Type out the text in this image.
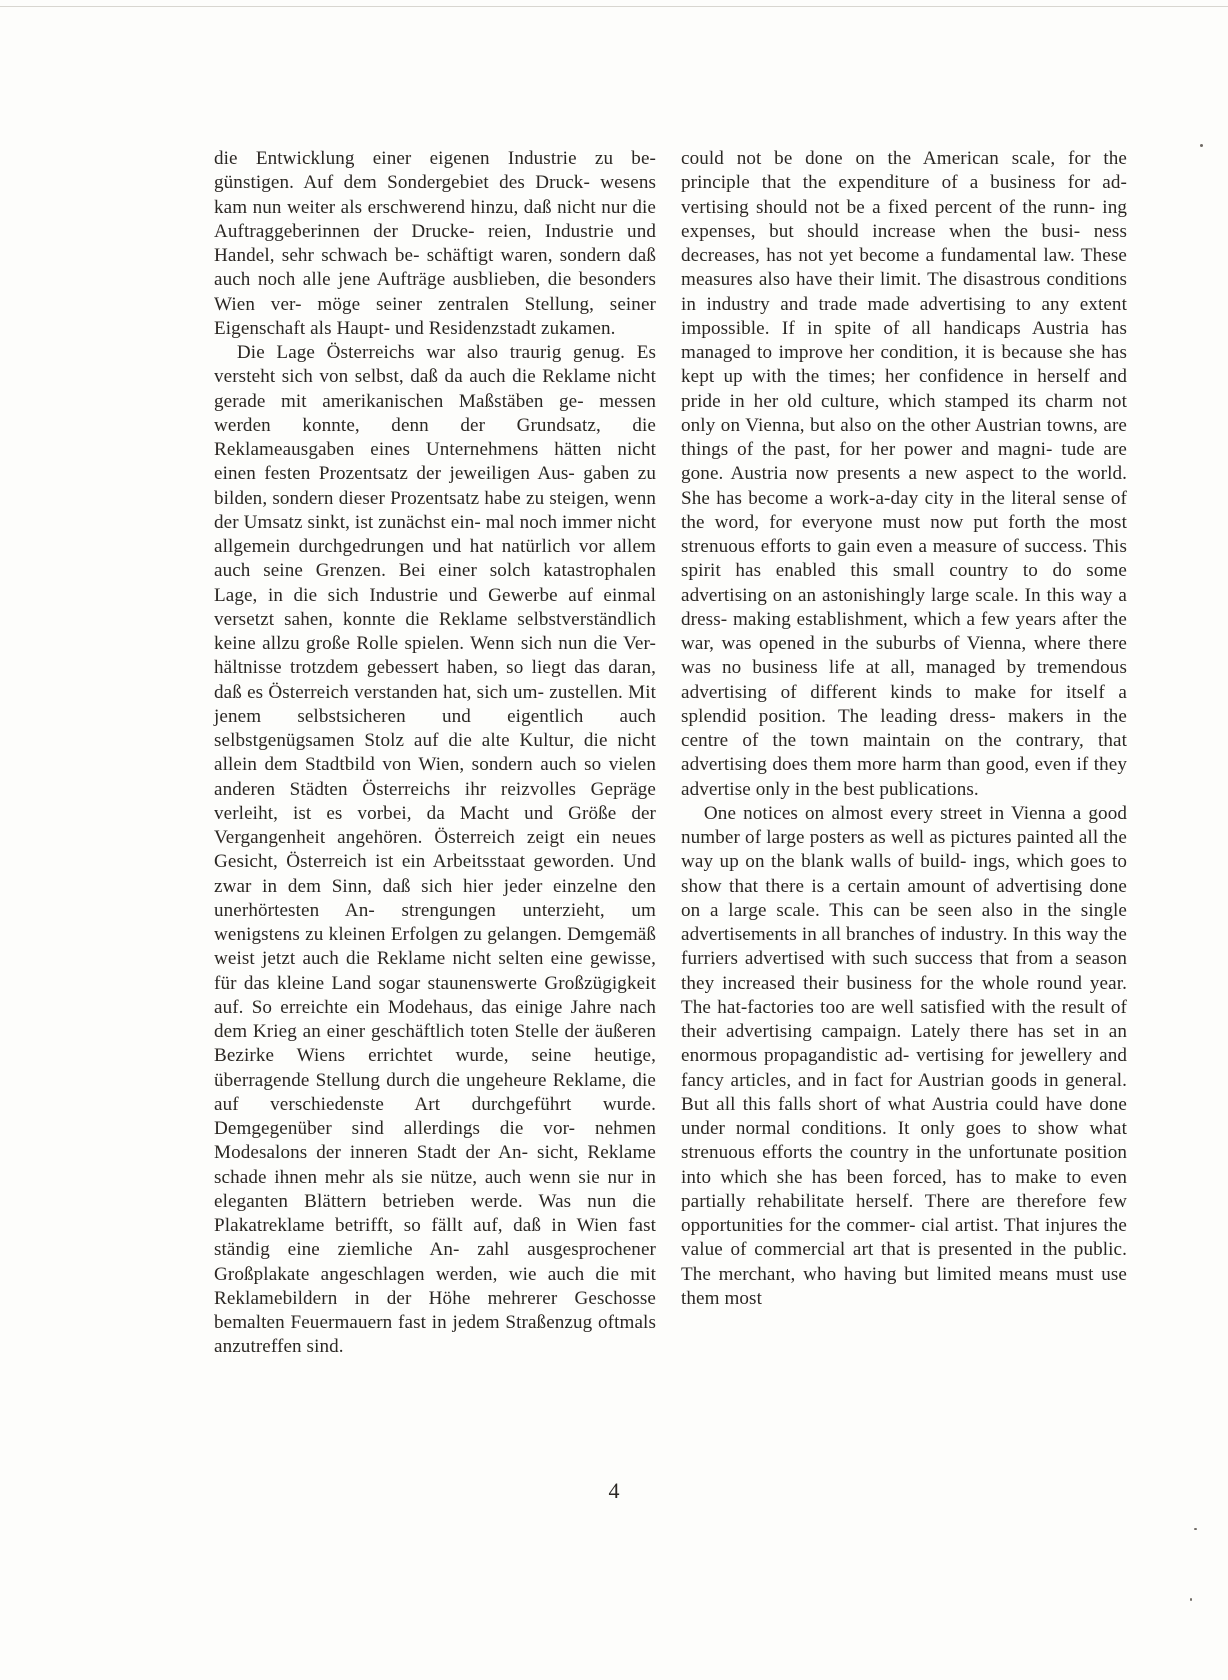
die Entwicklung einer eigenen Industrie zu be- günstigen. Auf dem Sondergebiet des Druck- wesens kam nun weiter als erschwerend hinzu, daß nicht nur die Auftraggeberinnen der Drucke- reien, Industrie und Handel, sehr schwach be- schäftigt waren, sondern daß auch noch alle jene Aufträge ausblieben, die besonders Wien ver- möge seiner zentralen Stellung, seiner Eigenschaft als Haupt- und Residenzstadt zukamen.

Die Lage Österreichs war also traurig genug. Es versteht sich von selbst, daß da auch die Reklame nicht gerade mit amerikanischen Maßstäben ge- messen werden konnte, denn der Grundsatz, die Reklameausgaben eines Unternehmens hätten nicht einen festen Prozentsatz der jeweiligen Aus- gaben zu bilden, sondern dieser Prozentsatz habe zu steigen, wenn der Umsatz sinkt, ist zunächst ein- mal noch immer nicht allgemein durchgedrungen und hat natürlich vor allem auch seine Grenzen. Bei einer solch katastrophalen Lage, in die sich Industrie und Gewerbe auf einmal versetzt sahen, konnte die Reklame selbstverständlich keine allzu große Rolle spielen. Wenn sich nun die Ver- hältnisse trotzdem gebessert haben, so liegt das daran, daß es Österreich verstanden hat, sich um- zustellen. Mit jenem selbstsicheren und eigentlich auch selbstgenügsamen Stolz auf die alte Kultur, die nicht allein dem Stadtbild von Wien, sondern auch so vielen anderen Städten Österreichs ihr reizvolles Gepräge verleiht, ist es vorbei, da Macht und Größe der Vergangenheit angehören. Österreich zeigt ein neues Gesicht, Österreich ist ein Arbeitsstaat geworden. Und zwar in dem Sinn, daß sich hier jeder einzelne den unerhörtesten An- strengungen unterzieht, um wenigstens zu kleinen Erfolgen zu gelangen. Demgemäß weist jetzt auch die Reklame nicht selten eine gewisse, für das kleine Land sogar staunenswerte Großzügigkeit auf. So erreichte ein Modehaus, das einige Jahre nach dem Krieg an einer geschäftlich toten Stelle der äußeren Bezirke Wiens errichtet wurde, seine heutige, überragende Stellung durch die ungeheure Reklame, die auf verschiedenste Art durchgeführt wurde. Demgegenüber sind allerdings die vor- nehmen Modesalons der inneren Stadt der An- sicht, Reklame schade ihnen mehr als sie nütze, auch wenn sie nur in eleganten Blättern betrieben werde. Was nun die Plakatreklame betrifft, so fällt auf, daß in Wien fast ständig eine ziemliche An- zahl ausgesprochener Großplakate angeschlagen werden, wie auch die mit Reklamebildern in der Höhe mehrerer Geschosse bemalten Feuermauern fast in jedem Straßenzug oftmals anzutreffen sind.

could not be done on the American scale, for the principle that the expenditure of a business for ad- vertising should not be a fixed percent of the runn- ing expenses, but should increase when the busi- ness decreases, has not yet become a fundamental law. These measures also have their limit. The disastrous conditions in industry and trade made advertising to any extent impossible. If in spite of all handicaps Austria has managed to improve her condition, it is because she has kept up with the times; her confidence in herself and pride in her old culture, which stamped its charm not only on Vienna, but also on the other Austrian towns, are things of the past, for her power and magni- tude are gone. Austria now presents a new aspect to the world. She has become a work-a-day city in the literal sense of the word, for everyone must now put forth the most strenuous efforts to gain even a measure of success. This spirit has enabled this small country to do some advertising on an astonishingly large scale. In this way a dress- making establishment, which a few years after the war, was opened in the suburbs of Vienna, where there was no business life at all, managed by tremendous advertising of different kinds to make for itself a splendid position. The leading dress- makers in the centre of the town maintain on the contrary, that advertising does them more harm than good, even if they advertise only in the best publications.

One notices on almost every street in Vienna a good number of large posters as well as pictures painted all the way up on the blank walls of build- ings, which goes to show that there is a certain amount of advertising done on a large scale. This can be seen also in the single advertisements in all branches of industry. In this way the furriers advertised with such success that from a season they increased their business for the whole round year. The hat-factories too are well satisfied with the result of their advertising campaign. Lately there has set in an enormous propagandistic ad- vertising for jewellery and fancy articles, and in fact for Austrian goods in general. But all this falls short of what Austria could have done under normal conditions. It only goes to show what strenuous efforts the country in the unfortunate position into which she has been forced, has to make to even partially rehabilitate herself. There are therefore few opportunities for the commer- cial artist. That injures the value of commercial art that is presented in the public. The merchant, who having but limited means must use them most

4
